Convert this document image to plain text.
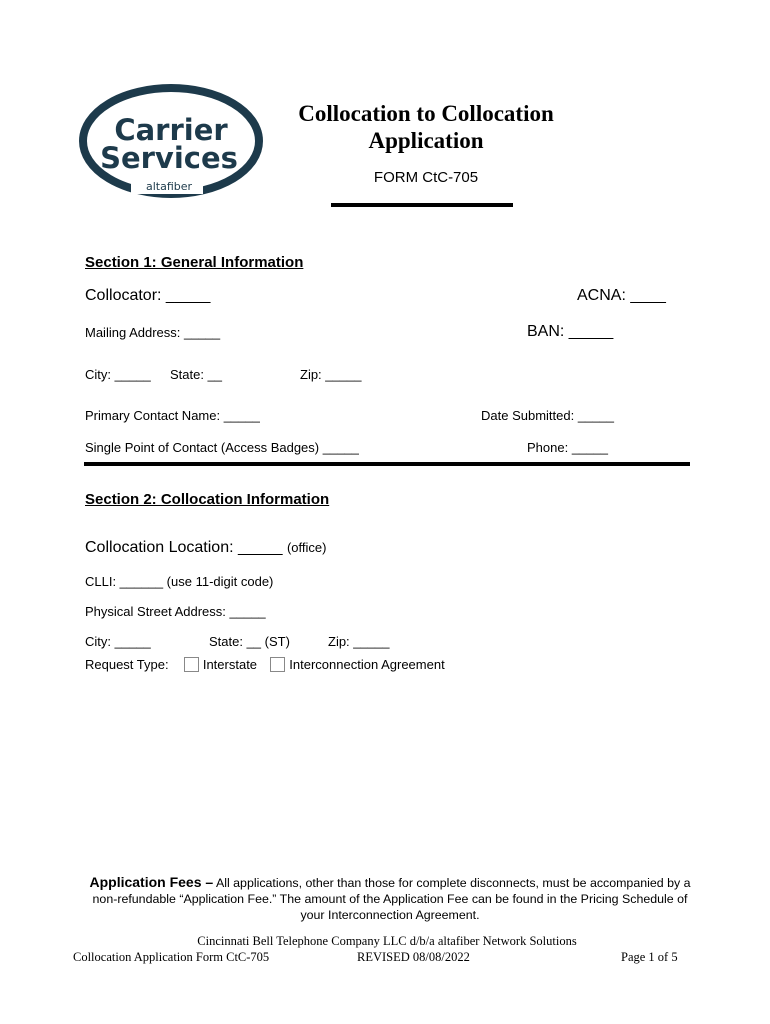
Carrier
Services
altafiber
Collocation to Collocation Application
FORM CtC-705
Section 1: General Information
Collocator: _____	ACNA: ____
Mailing Address: _____	BAN: _____
City: _____ State: __	Zip: _____
Primary Contact Name: _____	Date Submitted: _____
Single Point of Contact (Access Badges) _____	Phone: _____
Section 2: Collocation Information
Collocation Location: _____ (office)
CLLI: ______ (use 11-digit code)
Physical Street Address: _____
City: _____	State: __ (ST)	Zip: _____
Request Type:	Interstate Interconnection Agreement
Application Fees – All applications, other than those for complete disconnects, must be accompanied by a
non-refundable “Application Fee.” The amount of the Application Fee can be found in the Pricing Schedule of
your Interconnection Agreement.
Cincinnati Bell Telephone Company LLC d/b/a altafiber Network Solutions
Collocation Application Form CtC-705	REVISED 08/08/2022	Page 1 of 5
